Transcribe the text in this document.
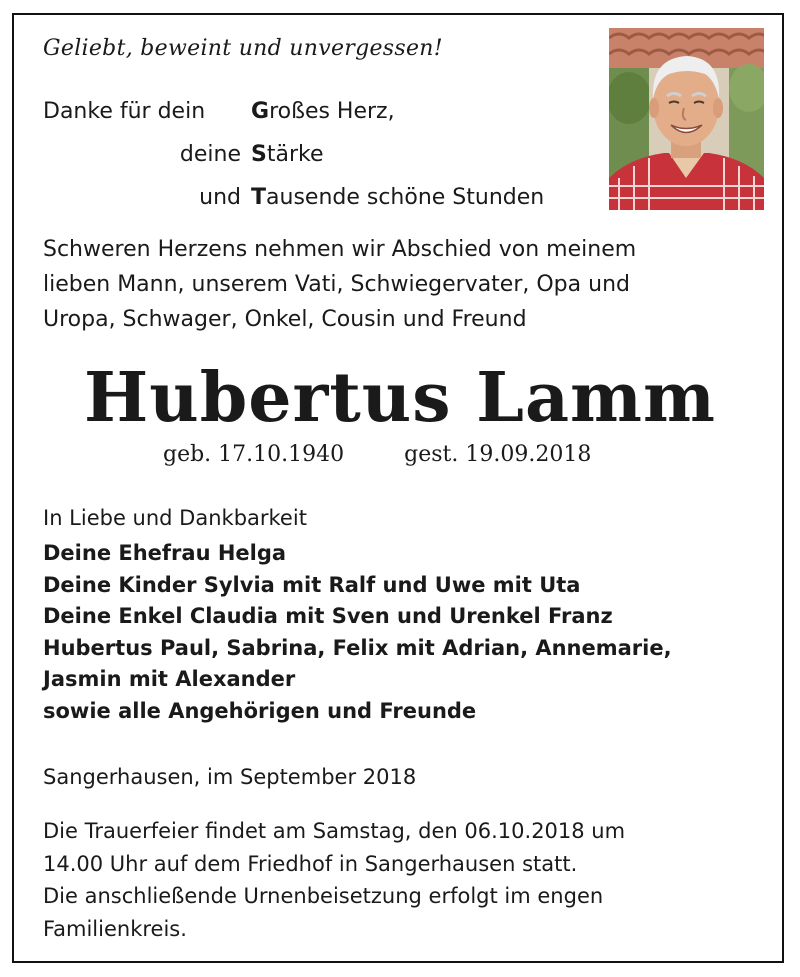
Geliebt, beweint und unvergessen!
Danke für dein Großes Herz,
deine Stärke
und Tausende schöne Stunden
Schweren Herzens nehmen wir Abschied von meinem
lieben Mann, unserem Vati, Schwiegervater, Opa und
Uropa, Schwager, Onkel, Cousin und Freund
Hubertus Lamm
geb. 17.10.1940	gest. 19.09.2018
In Liebe und Dankbarkeit
Deine Ehefrau Helga
Deine Kinder Sylvia mit Ralf und Uwe mit Uta
Deine Enkel Claudia mit Sven und Urenkel Franz
Hubertus Paul, Sabrina, Felix mit Adrian, Annemarie,
Jasmin mit Alexander
sowie alle Angehörigen und Freunde
Sangerhausen, im September 2018
Die Trauerfeier findet am Samstag, den 06.10.2018 um
14.00 Uhr auf dem Friedhof in Sangerhausen statt.
Die anschließende Urnenbeisetzung erfolgt im engen
Familienkreis.
